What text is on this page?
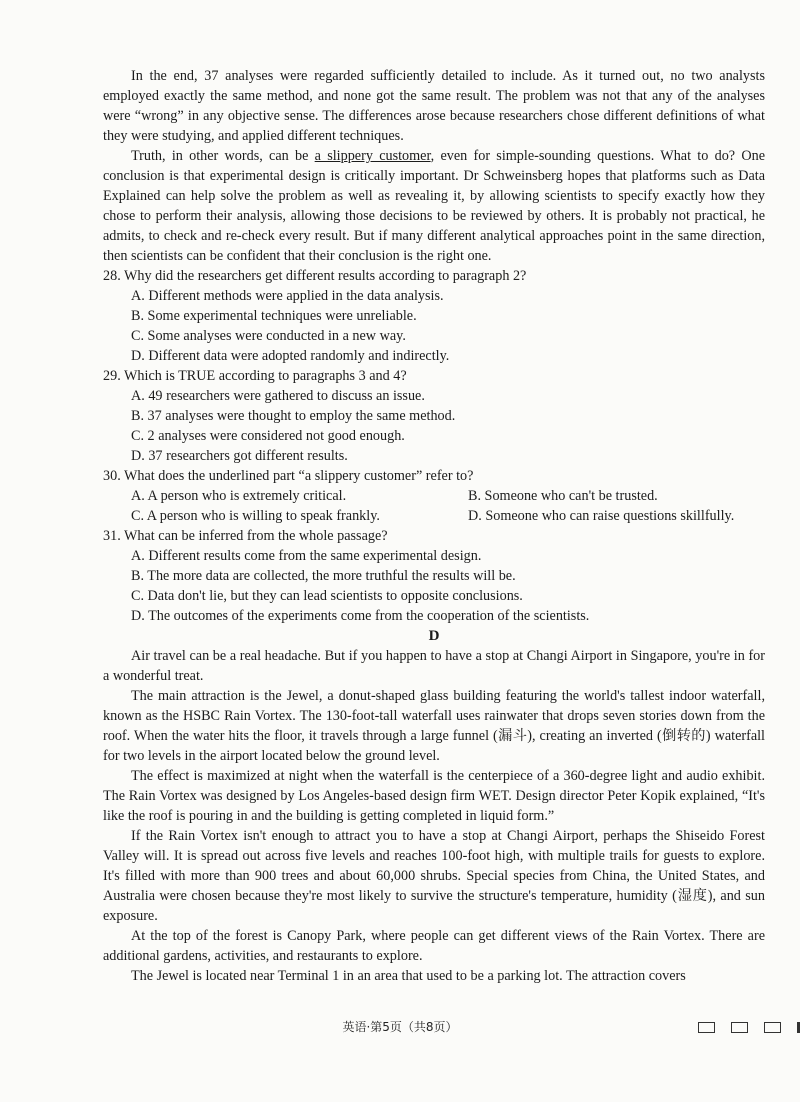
In the end, 37 analyses were regarded sufficiently detailed to include. As it turned out, no two analysts employed exactly the same method, and none got the same result. The problem was not that any of the analyses were “wrong” in any objective sense. The differences arose because researchers chose different definitions of what they were studying, and applied different techniques.

Truth, in other words, can be a slippery customer, even for simple-sounding questions. What to do? One conclusion is that experimental design is critically important. Dr Schweinsberg hopes that platforms such as Data Explained can help solve the problem as well as revealing it, by allowing scientists to specify exactly how they chose to perform their analysis, allowing those decisions to be reviewed by others. It is probably not practical, he admits, to check and re-check every result. But if many different analytical approaches point in the same direction, then scientists can be confident that their conclusion is the right one.

28. Why did the researchers get different results according to paragraph 2?

A. Different methods were applied in the data analysis.

B. Some experimental techniques were unreliable.

C. Some analyses were conducted in a new way.

D. Different data were adopted randomly and indirectly.

29. Which is TRUE according to paragraphs 3 and 4?

A. 49 researchers were gathered to discuss an issue.

B. 37 analyses were thought to employ the same method.

C. 2 analyses were considered not good enough.

D. 37 researchers got different results.

30. What does the underlined part “a slippery customer” refer to?

A. A person who is extremely critical.	B. Someone who can't be trusted.

C. A person who is willing to speak frankly.	D. Someone who can raise questions skillfully.

31. What can be inferred from the whole passage?

A. Different results come from the same experimental design.

B. The more data are collected, the more truthful the results will be.

C. Data don't lie, but they can lead scientists to opposite conclusions.

D. The outcomes of the experiments come from the cooperation of the scientists.

D

Air travel can be a real headache. But if you happen to have a stop at Changi Airport in Singapore, you're in for a wonderful treat.

The main attraction is the Jewel, a donut-shaped glass building featuring the world's tallest indoor waterfall, known as the HSBC Rain Vortex. The 130-foot-tall waterfall uses rainwater that drops seven stories down from the roof. When the water hits the floor, it travels through a large funnel (漏斗), creating an inverted (倒转的) waterfall for two levels in the airport located below the ground level.

The effect is maximized at night when the waterfall is the centerpiece of a 360-degree light and audio exhibit. The Rain Vortex was designed by Los Angeles-based design firm WET. Design director Peter Kopik explained, “It's like the roof is pouring in and the building is getting completed in liquid form.”

If the Rain Vortex isn't enough to attract you to have a stop at Changi Airport, perhaps the Shiseido Forest Valley will. It is spread out across five levels and reaches 100-foot high, with multiple trails for guests to explore. It's filled with more than 900 trees and about 60,000 shrubs. Special species from China, the United States, and Australia were chosen because they're most likely to survive the structure's temperature, humidity (湿度), and sun exposure.

At the top of the forest is Canopy Park, where people can get different views of the Rain Vortex. There are additional gardens, activities, and restaurants to explore.

The Jewel is located near Terminal 1 in an area that used to be a parking lot. The attraction covers

英语·第5页（共8页）
